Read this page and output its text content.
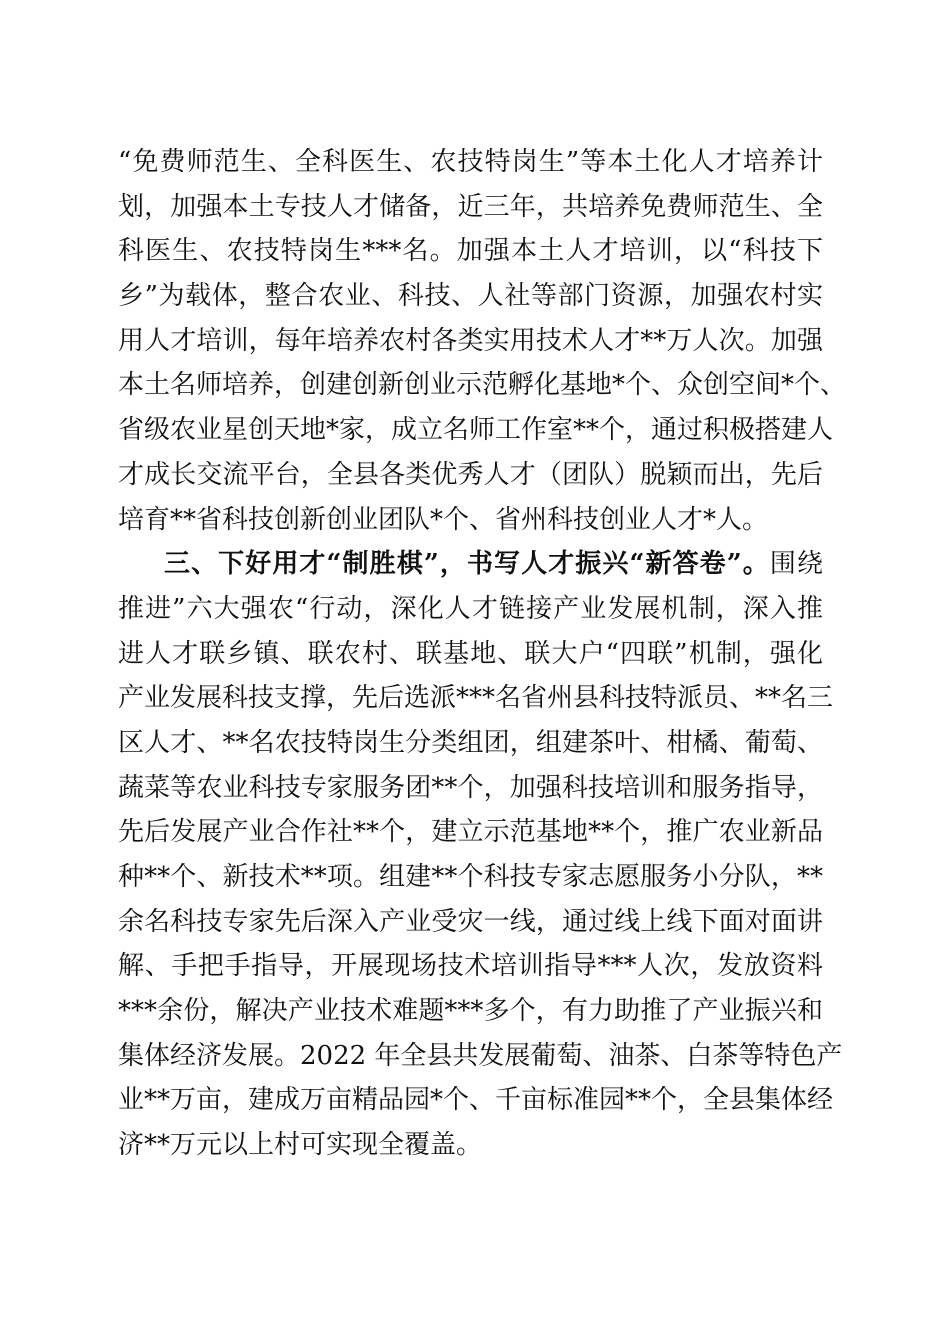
“免费师范生、全科医生、农技特岗生”等本土化人才培养计
划，加强本土专技人才储备，近三年，共培养免费师范生、全
科医生、农技特岗生***名。加强本土人才培训，以“科技下
乡”为载体，整合农业、科技、人社等部门资源，加强农村实
用人才培训，每年培养农村各类实用技术人才**万人次。加强
本土名师培养，创建创新创业示范孵化基地*个、众创空间*个、
省级农业星创天地*家，成立名师工作室**个，通过积极搭建人
才成长交流平台，全县各类优秀人才（团队）脱颖而出，先后
培育**省科技创新创业团队*个、省州科技创业人才*人。
三、下好用才“制胜棋”，书写人才振兴“新答卷”。围绕
推进”六大强农“行动，深化人才链接产业发展机制，深入推
进人才联乡镇、联农村、联基地、联大户“四联”机制，强化
产业发展科技支撑，先后选派***名省州县科技特派员、**名三
区人才、**名农技特岗生分类组团，组建茶叶、柑橘、葡萄、
蔬菜等农业科技专家服务团**个，加强科技培训和服务指导，
先后发展产业合作社**个，建立示范基地**个，推广农业新品
种**个、新技术**项。组建**个科技专家志愿服务小分队，**
余名科技专家先后深入产业受灾一线，通过线上线下面对面讲
解、手把手指导，开展现场技术培训指导***人次，发放资料
***余份，解决产业技术难题***多个，有力助推了产业振兴和
集体经济发展。2022 年全县共发展葡萄、油茶、白茶等特色产
业**万亩，建成万亩精品园*个、千亩标准园**个，全县集体经
济**万元以上村可实现全覆盖。
